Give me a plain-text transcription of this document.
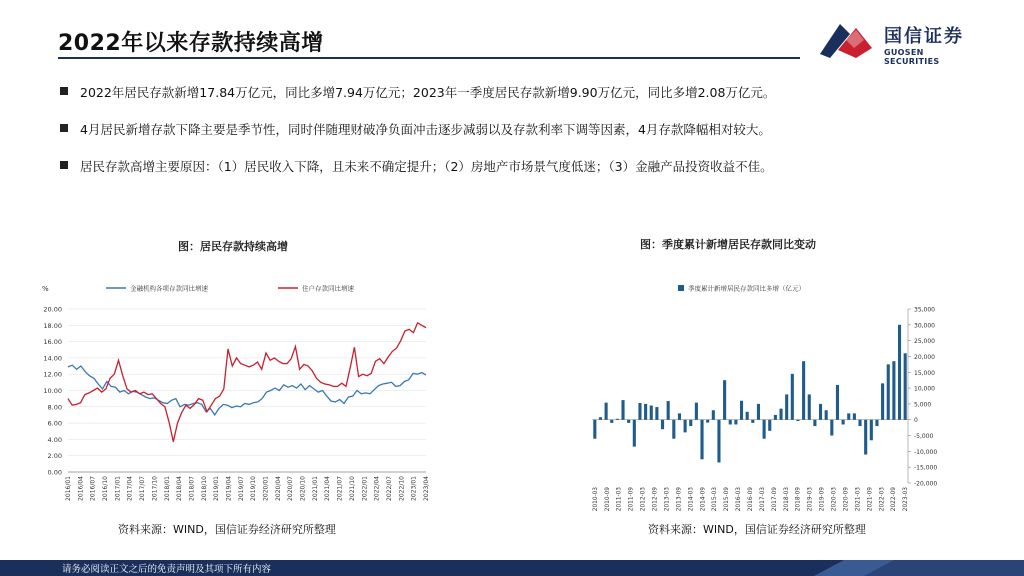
2022年以来存款持续高增	国信证券
GUOSEN SECURITIES
2022年居民存款新增17.84万亿元，同比多增7.94万亿元；2023年一季度居民存款新增9.90万亿元，同比多增2.08万亿元。
4月居民新增存款下降主要是季节性，同时伴随理财破净负面冲击逐步减弱以及存款利率下调等因素，4月存款降幅相对较大。
居民存款高增主要原因：（1）居民收入下降，且未来不确定提升；（2）房地产市场景气度低迷；（3）金融产品投资收益不佳。
图：居民存款持续高增	图：季度累计新增居民存款同比变动
%
0.00
2.00
4.00
6.00
8.00
10.00
12.00
14.00
16.00
18.00
20.00
2016/01 2016/04 2016/07 2016/10 2017/01 2017/04 2017/07 2017/10 2018/01 2018/04 2018/07 2018/10 2019/01 2019/04 2019/07 2019/10 2020/01 2020/04 2020/07 2020/10 2021/01 2021/04 2021/07 2021/10 2022/01 2022/04 2022/07 2022/10 2023/01 2023/04
金融机构各项存款同比增速	住户存款同比增速	季度累计新增居民存款同比多增（亿元）
-20,000
-15,000
-10,000
-5,000
0
5,000
10,000
15,000
20,000
25,000
30,000
35,000
2010-03 2010-09 2011-03 2011-09 2012-03 2012-09 2013-03 2013-09 2014-03 2014-09 2015-03 2015-09 2016-03 2016-09 2017-03 2017-09 2018-03 2018-09 2019-03 2019-09 2020-03 2020-09 2021-03 2021-09 2022-03 2022-09 2023-03
资料来源：WIND，国信证券经济研究所整理	资料来源：WIND，国信证券经济研究所整理
请务必阅读正文之后的免责声明及其项下所有内容
